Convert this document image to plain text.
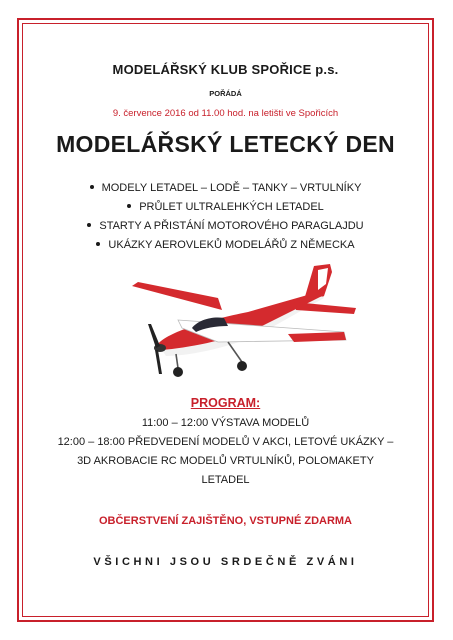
MODELÁŘSKÝ KLUB SPOŘICE p.s.
POŘÁDÁ
9. července 2016 od 11.00 hod. na letišti ve Spořicích
MODELÁŘSKÝ LETECKÝ DEN
MODELY LETADEL – LODĚ – TANKY – VRTULNÍKY
PRŮLET ULTRALEHKÝCH LETADEL
STARTY A PŘISTÁNÍ MOTOROVÉHO PARAGLAJDU
UKÁZKY AEROVLEKŮ MODELÁŘŮ Z NĚMECKA
PROGRAM:
11:00 – 12:00 VÝSTAVA MODELŮ
12:00 – 18:00 PŘEDVEDENÍ MODELŮ V AKCI, LETOVÉ UKÁZKY – 3D AKROBACIE RC MODELŮ VRTULNÍKŮ, POLOMAKETY LETADEL
OBČERSTVENÍ ZAJIŠTĚNO, VSTUPNÉ ZDARMA
VŠICHNI JSOU SRDEČNĚ ZVÁNI
